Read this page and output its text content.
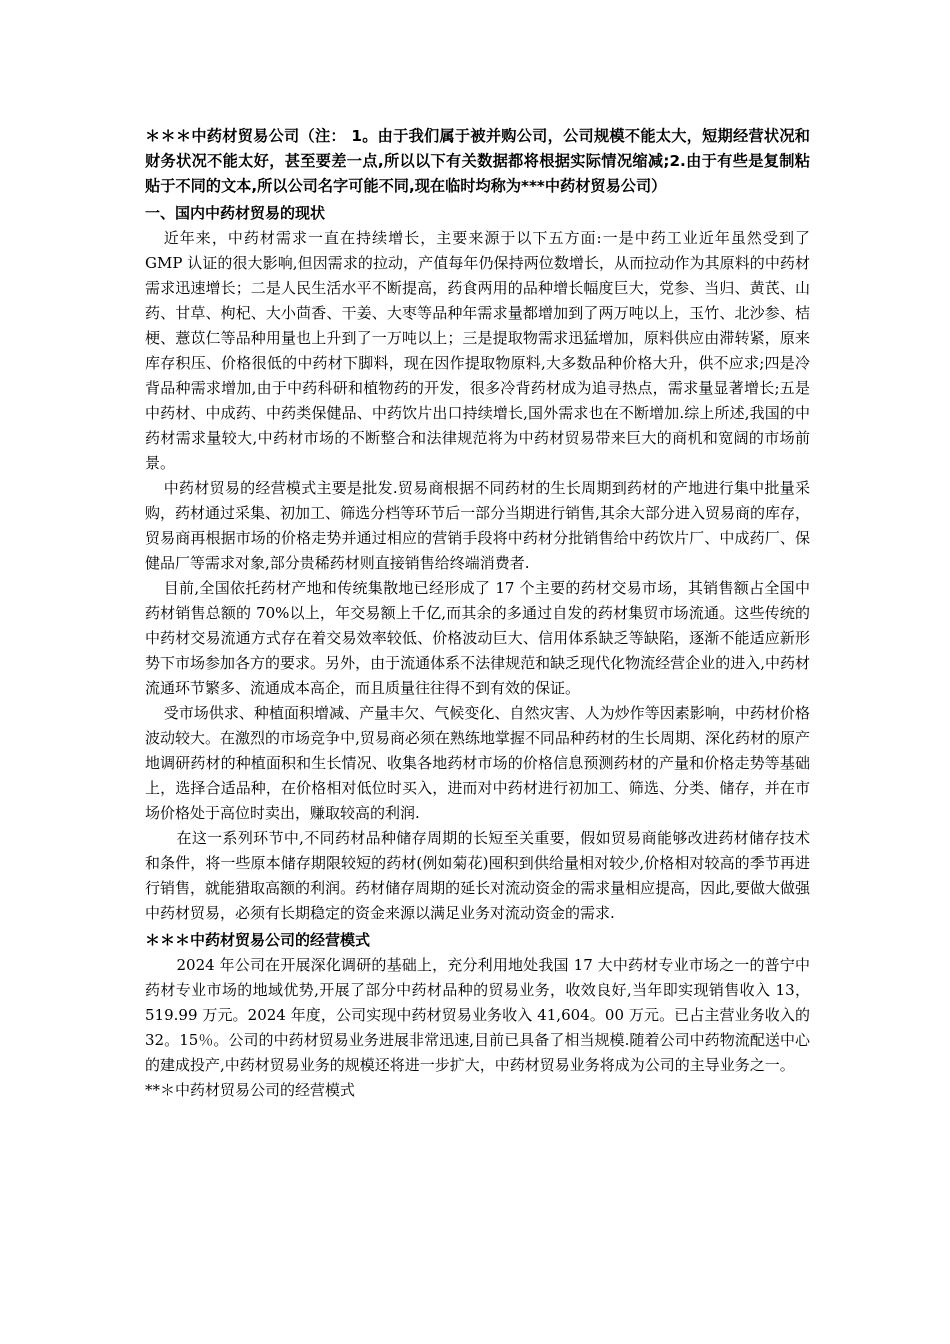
＊＊＊中药材贸易公司（注： 1。由于我们属于被并购公司，公司规模不能太大，短期经营状况和财务状况不能太好，甚至要差一点,所以以下有关数据都将根据实际情况缩减;2.由于有些是复制粘贴于不同的文本,所以公司名字可能不同,现在临时均称为***中药材贸易公司）

一、国内中药材贸易的现状

近年来，中药材需求一直在持续增长，主要来源于以下五方面:一是中药工业近年虽然受到了 GMP 认证的很大影响,但因需求的拉动，产值每年仍保持两位数增长，从而拉动作为其原料的中药材需求迅速增长；二是人民生活水平不断提高，药食两用的品种增长幅度巨大，党参、当归、黄芪、山药、甘草、枸杞、大小茴香、干姜、大枣等品种年需求量都增加到了两万吨以上，玉竹、北沙参、桔梗、薏苡仁等品种用量也上升到了一万吨以上；三是提取物需求迅猛增加，原料供应由滞转紧，原来库存积压、价格很低的中药材下脚料，现在因作提取物原料,大多数品种价格大升，供不应求;四是冷背品种需求增加,由于中药科研和植物药的开发，很多冷背药材成为追寻热点，需求量显著增长;五是中药材、中成药、中药类保健品、中药饮片出口持续增长,国外需求也在不断增加.综上所述,我国的中药材需求量较大,中药材市场的不断整合和法律规范将为中药材贸易带来巨大的商机和宽阔的市场前景。

中药材贸易的经营模式主要是批发.贸易商根据不同药材的生长周期到药材的产地进行集中批量采购，药材通过采集、初加工、筛选分档等环节后一部分当期进行销售,其余大部分进入贸易商的库存，贸易商再根据市场的价格走势并通过相应的营销手段将中药材分批销售给中药饮片厂、中成药厂、保健品厂等需求对象,部分贵稀药材则直接销售给终端消费者.

目前,全国依托药材产地和传统集散地已经形成了 17 个主要的药材交易市场，其销售额占全国中药材销售总额的 70%以上，年交易额上千亿,而其余的多通过自发的药材集贸市场流通。这些传统的中药材交易流通方式存在着交易效率较低、价格波动巨大、信用体系缺乏等缺陷，逐渐不能适应新形势下市场参加各方的要求。另外，由于流通体系不法律规范和缺乏现代化物流经营企业的进入,中药材流通环节繁多、流通成本高企，而且质量往往得不到有效的保证。

受市场供求、种植面积增减、产量丰欠、气候变化、自然灾害、人为炒作等因素影响，中药材价格波动较大。在激烈的市场竞争中,贸易商必须在熟练地掌握不同品种药材的生长周期、深化药材的原产地调研药材的种植面积和生长情况、收集各地药材市场的价格信息预测药材的产量和价格走势等基础上，选择合适品种，在价格相对低位时买入，进而对中药材进行初加工、筛选、分类、储存，并在市场价格处于高位时卖出，赚取较高的利润.

在这一系列环节中,不同药材品种储存周期的长短至关重要，假如贸易商能够改进药材储存技术和条件，将一些原本储存期限较短的药材(例如菊花)囤积到供给量相对较少,价格相对较高的季节再进行销售，就能猎取高额的利润。药材储存周期的延长对流动资金的需求量相应提高，因此,要做大做强中药材贸易，必须有长期稳定的资金来源以满足业务对流动资金的需求.

＊＊＊中药材贸易公司的经营模式

2024 年公司在开展深化调研的基础上，充分利用地处我国 17 大中药材专业市场之一的普宁中药材专业市场的地域优势,开展了部分中药材品种的贸易业务，收效良好,当年即实现销售收入 13，519.99 万元。2024 年度，公司实现中药材贸易业务收入 41,604。00 万元。已占主营业务收入的 32。15％。公司的中药材贸易业务进展非常迅速,目前已具备了相当规模.随着公司中药物流配送中心的建成投产,中药材贸易业务的规模还将进一步扩大，中药材贸易业务将成为公司的主导业务之一。

**＊中药材贸易公司的经营模式
